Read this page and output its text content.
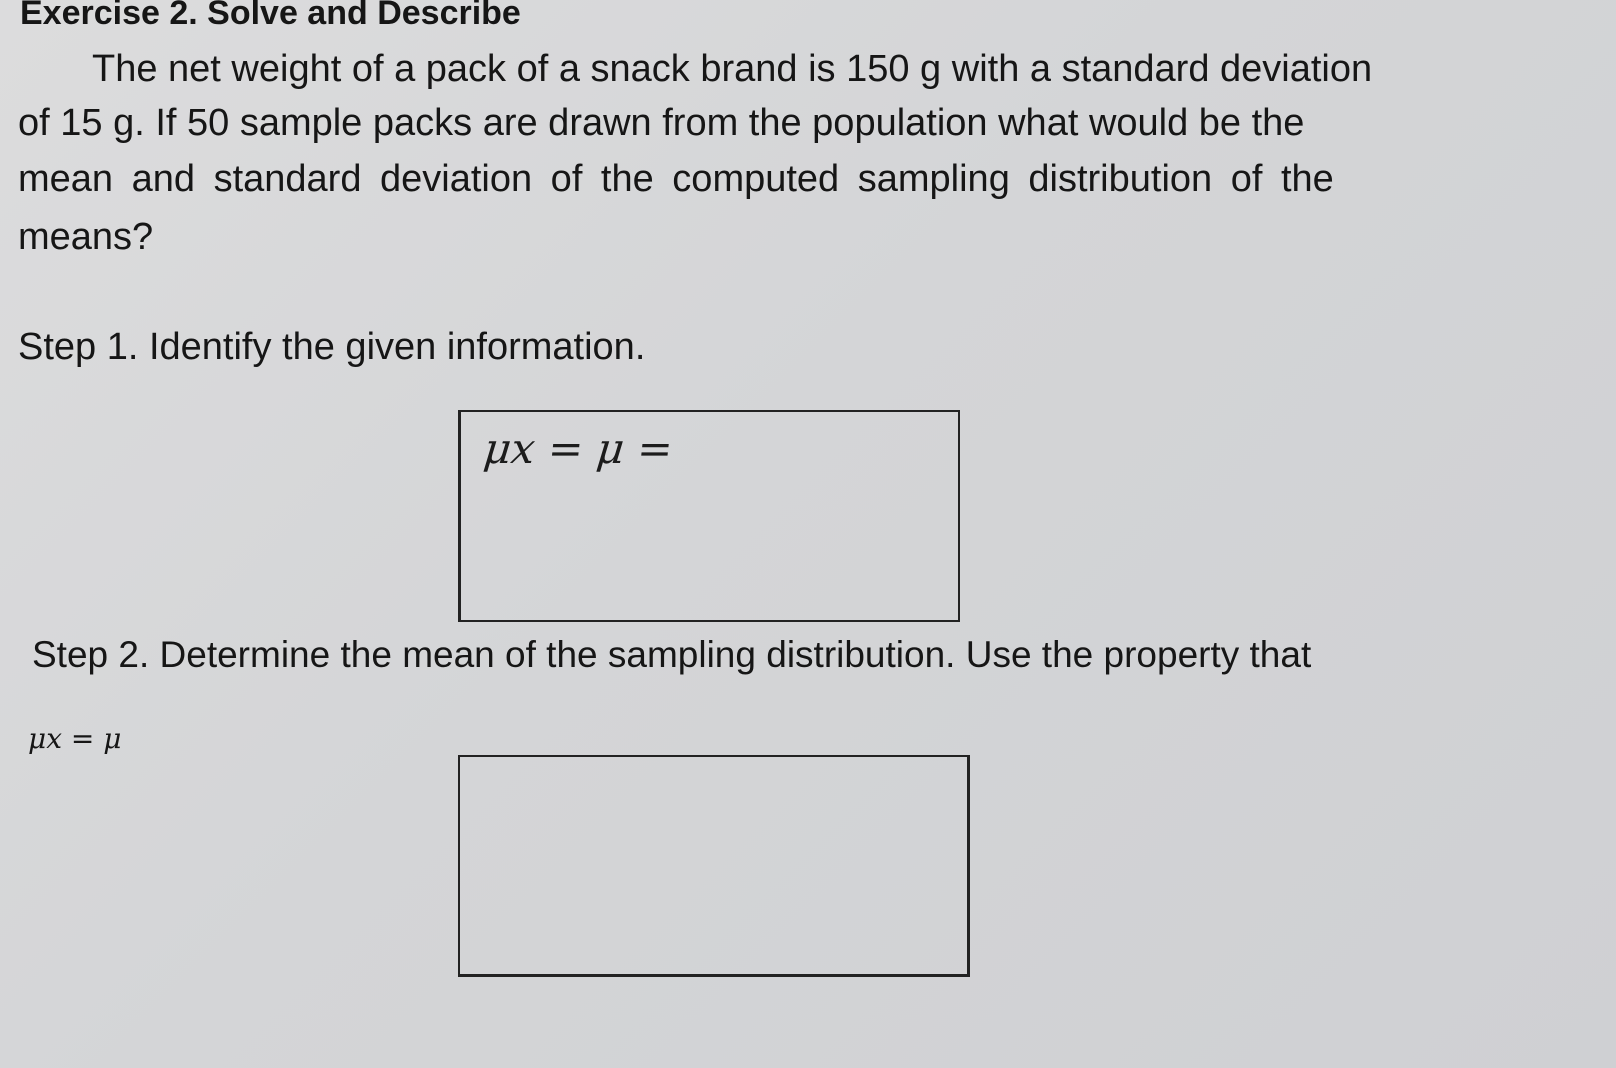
Exercise 2. Solve and Describe
The net weight of a pack of a snack brand is 150 g with a standard deviation
of 15 g. If 50 sample packs are drawn from the population what would be the
mean and standard deviation of the computed sampling distribution of the
means?
Step 1. Identify the given information.
μx = μ =
Step 2. Determine the mean of the sampling distribution. Use the property that
μx = μ
